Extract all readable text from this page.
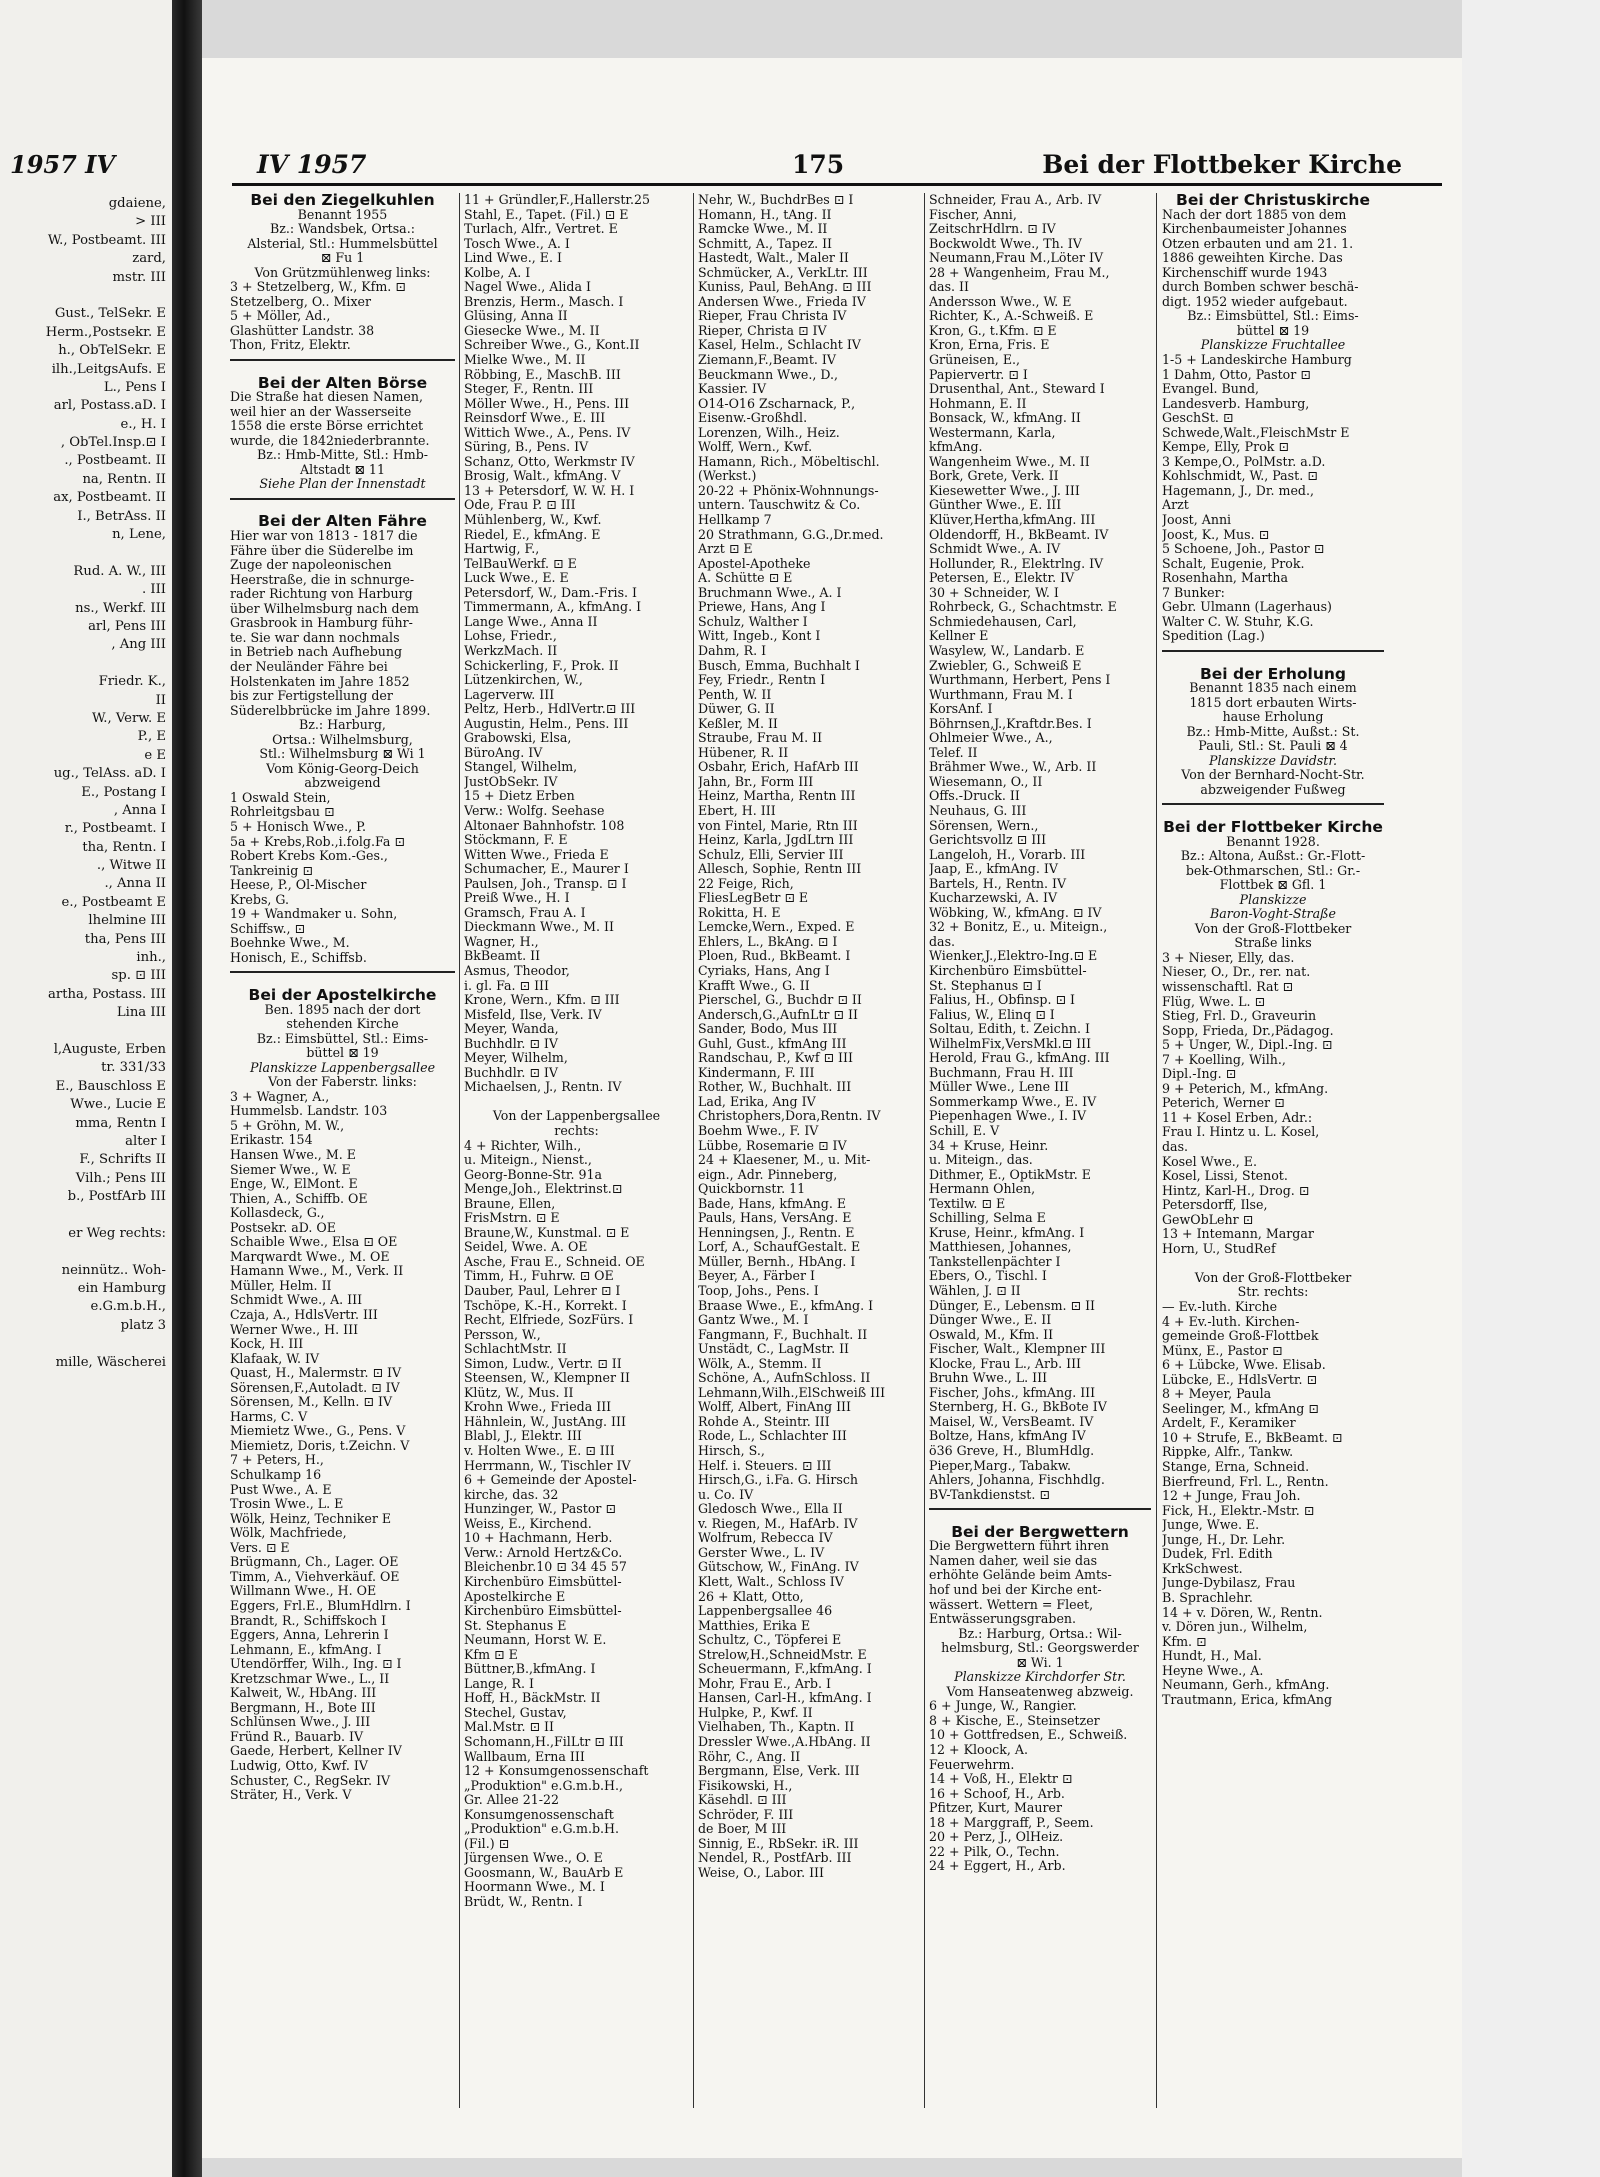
1957 IV
gdaiene,
> III
W., Postbeamt. III
zard,
mstr. III
Gust., TelSekr. E
Herm.,Postsekr. E
h., ObTelSekr. E
ilh.,LeitgsAufs. E
L., Pens I
arl, Postass.aD. I
e., H. I
, ObTel.Insp.⊡ I
., Postbeamt. II
na, Rentn. II
ax, Postbeamt. II
I., BetrAss. II
n, Lene,
Rud. A. W., III
. III
ns., Werkf. III
arl, Pens III
, Ang III
Friedr. K.,
II
W., Verw. E
P., E
e E
ug., TelAss. aD. I
E., Postang I
, Anna I
r., Postbeamt. I
tha, Rentn. I
., Witwe II
., Anna II
e., Postbeamt E
lhelmine III
tha, Pens III
inh.,
sp. ⊡ III
artha, Postass. III
Lina III
l,Auguste, Erben
tr. 331/33
E., Bauschloss E
Wwe., Lucie E
mma, Rentn I
alter I
F., Schrifts II
Vilh.; Pens III
b., PostfArb III
er Weg rechts:
neinnütz.. Woh-
ein Hamburg
e.G.m.b.H.,
platz 3
mille, Wäscherei
IV 1957	175	Bei der Flottbeker Kirche
Bei den Ziegelkuhlen
Benannt 1955
Bz.: Wandsbek, Ortsa.:
Alsterial, Stl.: Hummelsbüttel
⊠ Fu 1
Von Grützmühlenweg links:
3 + Stetzelberg, W., Kfm. ⊡
Stetzelberg, O.. Mixer
5 + Möller, Ad.,
Glashütter Landstr. 38
Thon, Fritz, Elektr.
Bei der Alten Börse
Die Straße hat diesen Namen,
weil hier an der Wasserseite
1558 die erste Börse errichtet
wurde, die 1842niederbrannte.
Bz.: Hmb-Mitte, Stl.: Hmb-
Altstadt ⊠ 11
Siehe Plan der Innenstadt
Bei der Alten Fähre
Hier war von 1813 - 1817 die
Fähre über die Süderelbe im
Zuge der napoleonischen
Heerstraße, die in schnurge-
rader Richtung von Harburg
über Wilhelmsburg nach dem
Grasbrook in Hamburg führ-
te. Sie war dann nochmals
in Betrieb nach Aufhebung
der Neuländer Fähre bei
Holstenkaten im Jahre 1852
bis zur Fertigstellung der
Süderelbbrücke im Jahre 1899.
Bz.: Harburg,
Ortsa.: Wilhelmsburg,
Stl.: Wilhelmsburg ⊠ Wi 1
Vom König-Georg-Deich
abzweigend
1 Oswald Stein,
Rohrleitgsbau ⊡
5 + Honisch Wwe., P.
5a + Krebs,Rob.,i.folg.Fa ⊡
Robert Krebs Kom.-Ges.,
Tankreinig ⊡
Heese, P., Ol-Mischer
Krebs, G.
19 + Wandmaker u. Sohn,
Schiffsw., ⊡
Boehnke Wwe., M.
Honisch, E., Schiffsb.
Bei der Apostelkirche
Ben. 1895 nach der dort
stehenden Kirche
Bz.: Eimsbüttel, Stl.: Eims-
büttel ⊠ 19
Planskizze Lappenbergsallee
Von der Faberstr. links:
3 + Wagner, A.,
Hummelsb. Landstr. 103
5 + Gröhn, M. W.,
Erikastr. 154
Hansen Wwe., M. E
Siemer Wwe., W. E
Enge, W., ElMont. E
Thien, A., Schiffb. OE
Kollasdeck, G.,
Postsekr. aD. OE
Schaible Wwe., Elsa ⊡ OE
Marqwardt Wwe., M. OE
Hamann Wwe., M., Verk. II
Müller, Helm. II
Schmidt Wwe., A. III
Czaja, A., HdlsVertr. III
Werner Wwe., H. III
Kock, H. III
Klafaak, W. IV
Quast, H., Malermstr. ⊡ IV
Sörensen,F.,Autoladt. ⊡ IV
Sörensen, M., Kelln. ⊡ IV
Harms, C. V
Miemietz Wwe., G., Pens. V
Miemietz, Doris, t.Zeichn. V
7 + Peters, H.,
Schulkamp 16
Pust Wwe., A. E
Trosin Wwe., L. E
Wölk, Heinz, Techniker E
Wölk, Machfriede,
Vers. ⊡ E
Brügmann, Ch., Lager. OE
Timm, A., Viehverkäuf. OE
Willmann Wwe., H. OE
Eggers, Frl.E., BlumHdlrn. I
Brandt, R., Schiffskoch I
Eggers, Anna, Lehrerin I
Lehmann, E., kfmAng. I
Utendörffer, Wilh., Ing. ⊡ I
Kretzschmar Wwe., L., II
Kalweit, W., HbAng. III
Bergmann, H., Bote III
Schlünsen Wwe., J. III
Fründ R., Bauarb. IV
Gaede, Herbert, Kellner IV
Ludwig, Otto, Kwf. IV
Schuster, C., RegSekr. IV
Sträter, H., Verk. V
11 + Gründler,F.,Hallerstr.25
Stahl, E., Tapet. (Fil.) ⊡ E
Turlach, Alfr., Vertret. E
Tosch Wwe., A. I
Lind Wwe., E. I
Kolbe, A. I
Nagel Wwe., Alida I
Brenzis, Herm., Masch. I
Glüsing, Anna II
Giesecke Wwe., M. II
Schreiber Wwe., G., Kont.II
Mielke Wwe., M. II
Röbbing, E., MaschB. III
Steger, F., Rentn. III
Möller Wwe., H., Pens. III
Reinsdorf Wwe., E. III
Wittich Wwe., A., Pens. IV
Süring, B., Pens. IV
Schanz, Otto, Werkmstr IV
Brosig, Walt., kfmAng. V
13 + Petersdorf, W. W. H. I
Ode, Frau P. ⊡ III
Mühlenberg, W., Kwf.
Riedel, E., kfmAng. E
Hartwig, F.,
TelBauWerkf. ⊡ E
Luck Wwe., E. E
Petersdorf, W., Dam.-Fris. I
Timmermann, A., kfmAng. I
Lange Wwe., Anna II
Lohse, Friedr.,
WerkzMach. II
Schickerling, F., Prok. II
Lützenkirchen, W.,
Lagerverw. III
Peltz, Herb., HdlVertr.⊡ III
Augustin, Helm., Pens. III
Grabowski, Elsa,
BüroAng. IV
Stangel, Wilhelm,
JustObSekr. IV
15 + Dietz Erben
Verw.: Wolfg. Seehase
Altonaer Bahnhofstr. 108
Stöckmann, F. E
Witten Wwe., Frieda E
Schumacher, E., Maurer I
Paulsen, Joh., Transp. ⊡ I
Preiß Wwe., H. I
Gramsch, Frau A. I
Dieckmann Wwe., M. II
Wagner, H.,
BkBeamt. II
Asmus, Theodor,
i. gl. Fa. ⊡ III
Krone, Wern., Kfm. ⊡ III
Misfeld, Ilse, Verk. IV
Meyer, Wanda,
Buchhdlr. ⊡ IV
Meyer, Wilhelm,
Buchhdlr. ⊡ IV
Michaelsen, J., Rentn. IV
Von der Lappenbergsallee
rechts:
4 + Richter, Wilh.,
u. Miteign., Nienst.,
Georg-Bonne-Str. 91a
Menge,Joh., Elektrinst.⊡
Braune, Ellen,
FrisMstrn. ⊡ E
Braune,W., Kunstmal. ⊡ E
Seidel, Wwe. A. OE
Asche, Frau E., Schneid. OE
Timm, H., Fuhrw. ⊡ OE
Dauber, Paul, Lehrer ⊡ I
Tschöpe, K.-H., Korrekt. I
Recht, Elfriede, SozFürs. I
Persson, W.,
SchlachtMstr. II
Simon, Ludw., Vertr. ⊡ II
Steensen, W., Klempner II
Klütz, W., Mus. II
Krohn Wwe., Frieda III
Hähnlein, W., JustAng. III
Blabl, J., Elektr. III
v. Holten Wwe., E. ⊡ III
Herrmann, W., Tischler IV
6 + Gemeinde der Apostel-
kirche, das. 32
Hunzinger, W., Pastor ⊡
Weiss, E., Kirchend.
10 + Hachmann, Herb.
Verw.: Arnold Hertz&Co.
Bleichenbr.10 ⊡ 34 45 57
Kirchenbüro Eimsbüttel-
Apostelkirche E
Kirchenbüro Eimsbüttel-
St. Stephanus E
Neumann, Horst W. E.
Kfm ⊡ E
Büttner,B.,kfmAng. I
Lange, R. I
Hoff, H., BäckMstr. II
Stechel, Gustav,
Mal.Mstr. ⊡ II
Schomann,H.,FilLtr ⊡ III
Wallbaum, Erna III
12 + Konsumgenossenschaft
„Produktion" e.G.m.b.H.,
Gr. Allee 21-22
Konsumgenossenschaft
„Produktion" e.G.m.b.H.
(Fil.) ⊡
Jürgensen Wwe., O. E
Goosmann, W., BauArb E
Hoormann Wwe., M. I
Brüdt, W., Rentn. I
Nehr, W., BuchdrBes ⊡ I
Homann, H., tAng. II
Ramcke Wwe., M. II
Schmitt, A., Tapez. II
Hastedt, Walt., Maler II
Schmücker, A., VerkLtr. III
Kuniss, Paul, BehAng. ⊡ III
Andersen Wwe., Frieda IV
Rieper, Frau Christa IV
Rieper, Christa ⊡ IV
Kasel, Helm., Schlacht IV
Ziemann,F.,Beamt. IV
Beuckmann Wwe., D.,
Kassier. IV
Ö14-Ö16 Zscharnack, P.,
Eisenw.-Großhdl.
Lorenzen, Wilh., Heiz.
Wolff, Wern., Kwf.
Hamann, Rich., Möbeltischl.
(Werkst.)
20-22 + Phönix-Wohnnungs-
untern. Tauschwitz & Co.
Hellkamp 7
20 Strathmann, G.G.,Dr.med.
Arzt ⊡ E
Apostel-Apotheke
A. Schütte ⊡ E
Bruchmann Wwe., A. I
Priewe, Hans, Ang I
Schulz, Walther I
Witt, Ingeb., Kont I
Dahm, R. I
Busch, Emma, Buchhalt I
Fey, Friedr., Rentn I
Penth, W. II
Düwer, G. II
Keßler, M. II
Straube, Frau M. II
Hübener, R. II
Osbahr, Erich, HafArb III
Jahn, Br., Form III
Heinz, Martha, Rentn III
Ebert, H. III
von Fintel, Marie, Rtn III
Heinz, Karla, JgdLtrn III
Schulz, Elli, Servier III
Allesch, Sophie, Rentn III
22 Feige, Rich,
FliesLegBetr ⊡ E
Rokitta, H. E
Lemcke,Wern., Exped. E
Ehlers, L., BkAng. ⊡ I
Ploen, Rud., BkBeamt. I
Cyriaks, Hans, Ang I
Krafft Wwe., G. II
Pierschel, G., Buchdr ⊡ II
Andersch,G.,AufnLtr ⊡ II
Sander, Bodo, Mus III
Guhl, Gust., kfmAng III
Randschau, P., Kwf ⊡ III
Kindermann, F. III
Rother, W., Buchhalt. III
Lad, Erika, Ang IV
Christophers,Dora,Rentn. IV
Boehm Wwe., F. IV
Lübbe, Rosemarie ⊡ IV
24 + Klaesener, M., u. Mit-
eign., Adr. Pinneberg,
Quickbornstr. 11
Bade, Hans, kfmAng. E
Pauls, Hans, VersAng. E
Henningsen, J., Rentn. E
Lorf, A., SchaufGestalt. E
Müller, Bernh., HbAng. I
Beyer, A., Färber I
Toop, Johs., Pens. I
Braase Wwe., E., kfmAng. I
Gantz Wwe., M. I
Fangmann, F., Buchhalt. II
Unstädt, C., LagMstr. II
Wölk, A., Stemm. II
Schöne, A., AufnSchloss. II
Lehmann,Wilh.,ElSchweiß III
Wolff, Albert, FinAng III
Rohde A., Steintr. III
Rode, L., Schlachter III
Hirsch, S.,
Helf. i. Steuers. ⊡ III
Hirsch,G., i.Fa. G. Hirsch
u. Co. IV
Gledosch Wwe., Ella II
v. Riegen, M., HafArb. IV
Wolfrum, Rebecca IV
Gerster Wwe., L. IV
Gütschow, W., FinAng. IV
Klett, Walt., Schloss IV
26 + Klatt, Otto,
Lappenbergsallee 46
Matthies, Erika E
Schultz, C., Töpferei E
Strelow,H.,SchneidMstr. E
Scheuermann, F.,kfmAng. I
Mohr, Frau E., Arb. I
Hansen, Carl-H., kfmAng. I
Hulpke, P., Kwf. II
Vielhaben, Th., Kaptn. II
Dressler Wwe.,A.HbAng. II
Röhr, C., Ang. II
Bergmann, Else, Verk. III
Fisikowski, H.,
Käsehdl. ⊡ III
Schröder, F. III
de Boer, M III
Sinnig, E., RbSekr. iR. III
Nendel, R., PostfArb. III
Weise, O., Labor. III
Schneider, Frau A., Arb. IV
Fischer, Anni,
ZeitschrHdlrn. ⊡ IV
Bockwoldt Wwe., Th. IV
Neumann,Frau M.,Löter IV
28 + Wangenheim, Frau M.,
das. II
Andersson Wwe., W. E
Richter, K., A.-Schweiß. E
Kron, G., t.Kfm. ⊡ E
Kron, Erna, Fris. E
Grüneisen, E.,
Papiervertr. ⊡ I
Drusenthal, Ant., Steward I
Hohmann, E. II
Bonsack, W., kfmAng. II
Westermann, Karla,
kfmAng.
Wangenheim Wwe., M. II
Bork, Grete, Verk. II
Kiesewetter Wwe., J. III
Günther Wwe., E. III
Klüver,Hertha,kfmAng. III
Oldendorff, H., BkBeamt. IV
Schmidt Wwe., A. IV
Hollunder, R., Elektrlng. IV
Petersen, E., Elektr. IV
30 + Schneider, W. I
Rohrbeck, G., Schachtmstr. E
Schmiedehausen, Carl,
Kellner E
Wasylew, W., Landarb. E
Zwiebler, G., Schweiß E
Wurthmann, Herbert, Pens I
Wurthmann, Frau M. I
KorsAnf. I
Böhrnsen,J.,Kraftdr.Bes. I
Ohlmeier Wwe., A.,
Telef. II
Brähmer Wwe., W., Arb. II
Wiesemann, O., II
Offs.-Druck. II
Neuhaus, G. III
Sörensen, Wern.,
Gerichtsvollz ⊡ III
Langeloh, H., Vorarb. III
Jaap, E., kfmAng. IV
Bartels, H., Rentn. IV
Kucharzewski, A. IV
Wöbking, W., kfmAng. ⊡ IV
32 + Bonitz, E., u. Miteign.,
das.
Wienker,J.,Elektro-Ing.⊡ E
Kirchenbüro Eimsbüttel-
St. Stephanus ⊡ I
Falius, H., Obfinsp. ⊡ I
Falius, W., Elinq ⊡ I
Soltau, Edith, t. Zeichn. I
WilhelmFix,VersMkl.⊡ III
Herold, Frau G., kfmAng. III
Buchmann, Frau H. III
Müller Wwe., Lene III
Sommerkamp Wwe., E. IV
Piepenhagen Wwe., I. IV
Schill, E. V
34 + Kruse, Heinr.
u. Miteign., das.
Dithmer, E., OptikMstr. E
Hermann Ohlen,
Textilw. ⊡ E
Schilling, Selma E
Kruse, Heinr., kfmAng. I
Matthiesen, Johannes,
Tankstellenpächter I
Ebers, O., Tischl. I
Wählen, J. ⊡ II
Dünger, E., Lebensm. ⊡ II
Dünger Wwe., E. II
Oswald, M., Kfm. II
Fischer, Walt., Klempner III
Klocke, Frau L., Arb. III
Bruhn Wwe., L. III
Fischer, Johs., kfmAng. III
Sternberg, H. G., BkBote IV
Maisel, W., VersBeamt. IV
Boltze, Hans, kfmAng IV
ö36 Greve, H., BlumHdlg.
Pieper,Marg., Tabakw.
Ahlers, Johanna, Fischhdlg.
BV-Tankdienstst. ⊡
Bei der Bergwettern
Die Bergwettern führt ihren
Namen daher, weil sie das
erhöhte Gelände beim Amts-
hof und bei der Kirche ent-
wässert. Wettern = Fleet,
Entwässerungsgraben.
Bz.: Harburg, Ortsa.: Wil-
helmsburg, Stl.: Georgswerder
⊠ Wi. 1
Planskizze Kirchdorfer Str.
Vom Hanseatenweg abzweig.
6 + Junge, W., Rangier.
8 + Kische, E., Steinsetzer
10 + Gottfredsen, E., Schweiß.
12 + Kloock, A.
Feuerwehrm.
14 + Voß, H., Elektr ⊡
16 + Schoof, H., Arb.
Pfitzer, Kurt, Maurer
18 + Marggraff, P., Seem.
20 + Perz, J., OlHeiz.
22 + Pilk, O., Techn.
24 + Eggert, H., Arb.
Bei der Christuskirche
Nach der dort 1885 von dem
Kirchenbaumeister Johannes
Otzen erbauten und am 21. 1.
1886 geweihten Kirche. Das
Kirchenschiff wurde 1943
durch Bomben schwer beschä-
digt. 1952 wieder aufgebaut.
Bz.: Eimsbüttel, Stl.: Eims-
büttel ⊠ 19
Planskizze Fruchtallee
1-5 + Landeskirche Hamburg
1 Dahm, Otto, Pastor ⊡
Evangel. Bund,
Landesverb. Hamburg,
GeschSt. ⊡
Schwede,Walt.,FleischMstr E
Kempe, Elly, Prok ⊡
3 Kempe,O., PolMstr. a.D.
Kohlschmidt, W., Past. ⊡
Hagemann, J., Dr. med.,
Arzt
Joost, Anni
Joost, K., Mus. ⊡
5 Schoene, Joh., Pastor ⊡
Schalt, Eugenie, Prok.
Rosenhahn, Martha
7 Bunker:
Gebr. Ulmann (Lagerhaus)
Walter C. W. Stuhr, K.G.
Spedition (Lag.)
Bei der Erholung
Benannt 1835 nach einem
1815 dort erbauten Wirts-
hause Erholung
Bz.: Hmb-Mitte, Außst.: St.
Pauli, Stl.: St. Pauli ⊠ 4
Planskizze Davidstr.
Von der Bernhard-Nocht-Str.
abzweigender Fußweg
Bei der Flottbeker Kirche
Benannt 1928.
Bz.: Altona, Außst.: Gr.-Flott-
bek-Othmarschen, Stl.: Gr.-
Flottbek ⊠ Gfl. 1
Planskizze
Baron-Voght-Straße
Von der Groß-Flottbeker
Straße links
3 + Nieser, Elly, das.
Nieser, O., Dr., rer. nat.
wissenschaftl. Rat ⊡
Flüg, Wwe. L. ⊡
Stieg, Frl. D., Graveurin
Sopp, Frieda, Dr.,Pädagog.
5 + Unger, W., Dipl.-Ing. ⊡
7 + Koelling, Wilh.,
Dipl.-Ing. ⊡
9 + Peterich, M., kfmAng.
Peterich, Werner ⊡
11 + Kosel Erben, Adr.:
Frau I. Hintz u. L. Kosel,
das.
Kosel Wwe., E.
Kosel, Lissi, Stenot.
Hintz, Karl-H., Drog. ⊡
Petersdorff, Ilse,
GewObLehr ⊡
13 + Intemann, Margar
Horn, U., StudRef
Von der Groß-Flottbeker
Str. rechts:
— Ev.-luth. Kirche
4 + Ev.-luth. Kirchen-
gemeinde Groß-Flottbek
Münx, E., Pastor ⊡
6 + Lübcke, Wwe. Elisab.
Lübcke, E., HdlsVertr. ⊡
8 + Meyer, Paula
Seelinger, M., kfmAng ⊡
Ardelt, F., Keramiker
10 + Strufe, E., BkBeamt. ⊡
Rippke, Alfr., Tankw.
Stange, Erna, Schneid.
Bierfreund, Frl. L., Rentn.
12 + Junge, Frau Joh.
Fick, H., Elektr.-Mstr. ⊡
Junge, Wwe. E.
Junge, H., Dr. Lehr.
Dudek, Frl. Edith
KrkSchwest.
Junge-Dybilasz, Frau
B. Sprachlehr.
14 + v. Dören, W., Rentn.
v. Dören jun., Wilhelm,
Kfm. ⊡
Hundt, H., Mal.
Heyne Wwe., A.
Neumann, Gerh., kfmAng.
Trautmann, Erica, kfmAng
